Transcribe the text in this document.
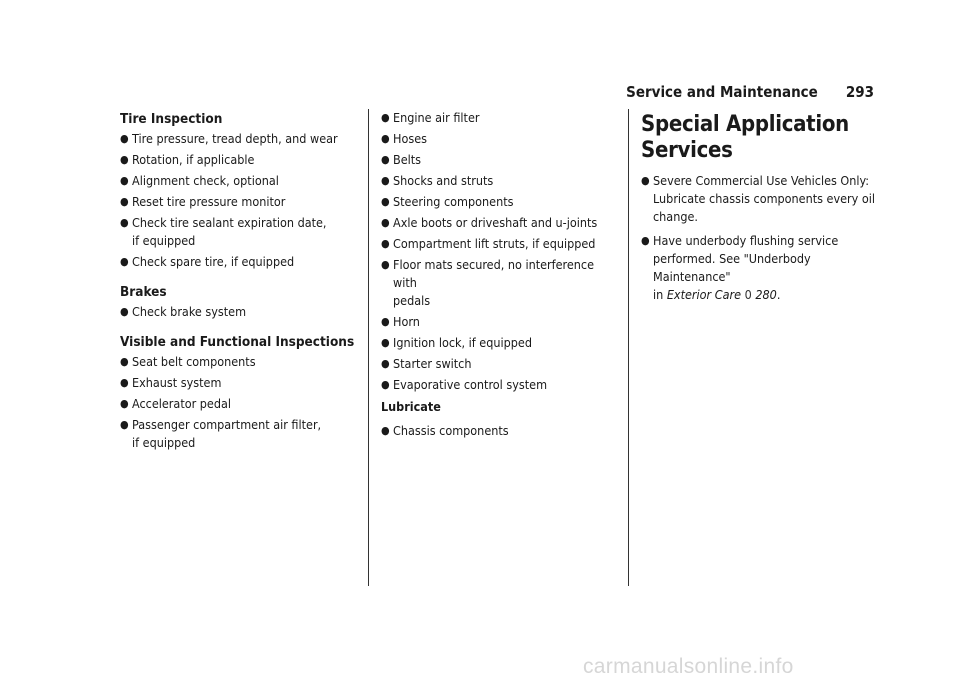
Service and Maintenance 293
Tire Inspection
● Tire pressure, tread depth, and wear
● Rotation, if applicable
● Alignment check, optional
● Reset tire pressure monitor
● Check tire sealant expiration date,
if equipped
● Check spare tire, if equipped
Brakes
● Check brake system
Visible and Functional Inspections
● Seat belt components
● Exhaust system
● Accelerator pedal
● Passenger compartment air filter,
if equipped
● Engine air filter
● Hoses
● Belts
● Shocks and struts
● Steering components
● Axle boots or driveshaft and u-joints
● Compartment lift struts, if equipped
● Floor mats secured, no interference with
pedals
● Horn
● Ignition lock, if equipped
● Starter switch
● Evaporative control system
Lubricate
● Chassis components
Special Application Services
● Severe Commercial Use Vehicles Only:
Lubricate chassis components every oil
change.
● Have underbody flushing service
performed. See "Underbody Maintenance"
in Exterior Care 0 280.
carmanualsonline.info
